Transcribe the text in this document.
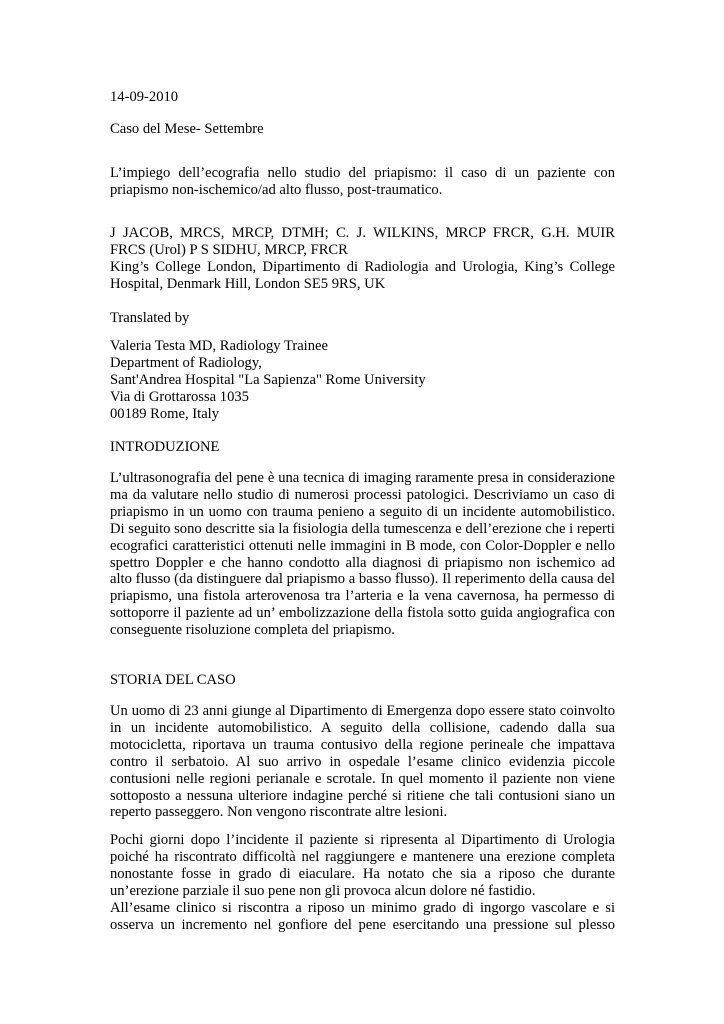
14-09-2010
Caso del Mese- Settembre
L’impiego dell’ecografia nello studio del priapismo: il caso di un paziente con
priapismo non-ischemico/ad alto flusso, post-traumatico.
J JACOB, MRCS, MRCP, DTMH; C. J. WILKINS, MRCP FRCR, G.H. MUIR
FRCS (Urol) P S SIDHU, MRCP, FRCR
King’s College London, Dipartimento di Radiologia and Urologia, King’s College
Hospital, Denmark Hill, London SE5 9RS, UK
Translated by
Valeria Testa MD, Radiology Trainee
Department of Radiology,
Sant'Andrea Hospital "La Sapienza" Rome University
Via di Grottarossa 1035
00189 Rome, Italy
INTRODUZIONE
L’ultrasonografia del pene è una tecnica di imaging raramente presa in considerazione
ma da valutare nello studio di numerosi processi patologici. Descriviamo un caso di
priapismo in un uomo con trauma penieno a seguito di un incidente automobilistico.
Di seguito sono descritte sia la fisiologia della tumescenza e dell’erezione che i reperti
ecografici caratteristici ottenuti nelle immagini in B mode, con Color-Doppler e nello
spettro Doppler e che hanno condotto alla diagnosi di priapismo non ischemico ad
alto flusso (da distinguere dal priapismo a basso flusso). Il reperimento della causa del
priapismo, una fistola arterovenosa tra l’arteria e la vena cavernosa, ha permesso di
sottoporre il paziente ad un’ embolizzazione della fistola sotto guida angiografica con
conseguente risoluzione completa del priapismo.
STORIA DEL CASO
Un uomo di 23 anni giunge al Dipartimento di Emergenza dopo essere stato coinvolto
in un incidente automobilistico. A seguito della collisione, cadendo dalla sua
motocicletta, riportava un trauma contusivo della regione perineale che impattava
contro il serbatoio. Al suo arrivo in ospedale l’esame clinico evidenzia piccole
contusioni nelle regioni perianale e scrotale. In quel momento il paziente non viene
sottoposto a nessuna ulteriore indagine perché si ritiene che tali contusioni siano un
reperto passeggero. Non vengono riscontrate altre lesioni.
Pochi giorni dopo l’incidente il paziente si ripresenta al Dipartimento di Urologia
poiché ha riscontrato difficoltà nel raggiungere e mantenere una erezione completa
nonostante fosse in grado di eiaculare. Ha notato che sia a riposo che durante
un’erezione parziale il suo pene non gli provoca alcun dolore né fastidio.
All’esame clinico si riscontra a riposo un minimo grado di ingorgo vascolare e si
osserva un incremento nel gonfiore del pene esercitando una pressione sul plesso
